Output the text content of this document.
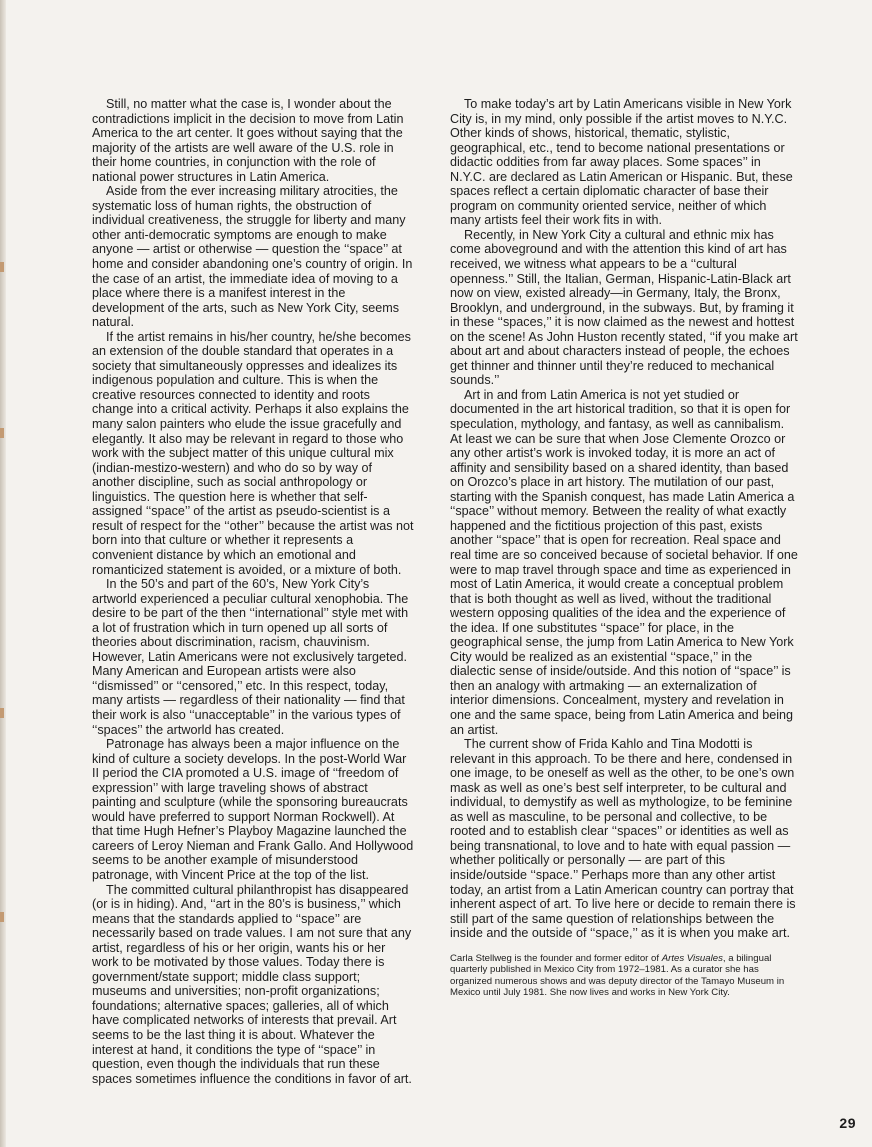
Still, no matter what the case is, I wonder about the contradictions implicit in the decision to move from Latin America to the art center. It goes without saying that the majority of the artists are well aware of the U.S. role in their home countries, in conjunction with the role of national power structures in Latin America.

Aside from the ever increasing military atrocities, the systematic loss of human rights, the obstruction of individual creativeness, the struggle for liberty and many other anti-democratic symptoms are enough to make anyone — artist or otherwise — question the ‘‘space’’ at home and consider abandoning one’s country of origin. In the case of an artist, the immediate idea of moving to a place where there is a manifest interest in the development of the arts, such as New York City, seems natural.

If the artist remains in his/her country, he/she becomes an extension of the double standard that operates in a society that simultaneously oppresses and idealizes its indigenous population and culture. This is when the creative resources connected to identity and roots change into a critical activity. Perhaps it also explains the many salon painters who elude the issue gracefully and elegantly. It also may be relevant in regard to those who work with the subject matter of this unique cultural mix (indian-mestizo-western) and who do so by way of another discipline, such as social anthropology or linguistics. The question here is whether that self-assigned ‘‘space’’ of the artist as pseudo-scientist is a result of respect for the ‘‘other’’ because the artist was not born into that culture or whether it represents a convenient distance by which an emotional and romanticized statement is avoided, or a mixture of both.

In the 50’s and part of the 60’s, New York City’s artworld experienced a peculiar cultural xenophobia. The desire to be part of the then ‘‘international’’ style met with a lot of frustration which in turn opened up all sorts of theories about discrimination, racism, chauvinism. However, Latin Americans were not exclusively targeted. Many American and European artists were also ‘‘dismissed’’ or ‘‘censored,’’ etc. In this respect, today, many artists — regardless of their nationality — find that their work is also ‘‘unacceptable’’ in the various types of ‘‘spaces’’ the artworld has created.

Patronage has always been a major influence on the kind of culture a society develops. In the post-World War II period the CIA promoted a U.S. image of ‘‘freedom of expression’’ with large traveling shows of abstract painting and sculpture (while the sponsoring bureaucrats would have preferred to support Norman Rockwell). At that time Hugh Hefner’s Playboy Magazine launched the careers of Leroy Nieman and Frank Gallo. And Hollywood seems to be another example of misunderstood patronage, with Vincent Price at the top of the list.

The committed cultural philanthropist has disappeared (or is in hiding). And, ‘‘art in the 80’s is business,’’ which means that the standards applied to ‘‘space’’ are necessarily based on trade values. I am not sure that any artist, regardless of his or her origin, wants his or her work to be motivated by those values. Today there is government/state support; middle class support; museums and universities; non-profit organizations; foundations; alternative spaces; galleries, all of which have complicated networks of interests that prevail. Art seems to be the last thing it is about. Whatever the interest at hand, it conditions the type of ‘‘space’’ in question, even though the individuals that run these spaces sometimes influence the conditions in favor of art.

To make today’s art by Latin Americans visible in New York City is, in my mind, only possible if the artist moves to N.Y.C. Other kinds of shows, historical, thematic, stylistic, geographical, etc., tend to become national presentations or didactic oddities from far away places. Some spaces’’ in N.Y.C. are declared as Latin American or Hispanic. But, these spaces reflect a certain diplomatic character of base their program on community oriented service, neither of which many artists feel their work fits in with.

Recently, in New York City a cultural and ethnic mix has come aboveground and with the attention this kind of art has received, we witness what appears to be a ‘‘cultural openness.’’ Still, the Italian, German, Hispanic-Latin-Black art now on view, existed already—in Germany, Italy, the Bronx, Brooklyn, and underground, in the subways. But, by framing it in these ‘‘spaces,’’ it is now claimed as the newest and hottest on the scene! As John Huston recently stated, ‘‘if you make art about art and about characters instead of people, the echoes get thinner and thinner until they’re reduced to mechanical sounds.’’

Art in and from Latin America is not yet studied or documented in the art historical tradition, so that it is open for speculation, mythology, and fantasy, as well as cannibalism. At least we can be sure that when Jose Clemente Orozco or any other artist’s work is invoked today, it is more an act of affinity and sensibility based on a shared identity, than based on Orozco’s place in art history. The mutilation of our past, starting with the Spanish conquest, has made Latin America a ‘‘space’’ without memory. Between the reality of what exactly happened and the fictitious projection of this past, exists another ‘‘space’’ that is open for recreation. Real space and real time are so conceived because of societal behavior. If one were to map travel through space and time as experienced in most of Latin America, it would create a conceptual problem that is both thought as well as lived, without the traditional western opposing qualities of the idea and the experience of the idea. If one substitutes ‘‘space’’ for place, in the geographical sense, the jump from Latin America to New York City would be realized as an existential ‘‘space,’’ in the dialectic sense of inside/outside. And this notion of ‘‘space’’ is then an analogy with artmaking — an externalization of interior dimensions. Concealment, mystery and revelation in one and the same space, being from Latin America and being an artist.

The current show of Frida Kahlo and Tina Modotti is relevant in this approach. To be there and here, condensed in one image, to be oneself as well as the other, to be one’s own mask as well as one’s best self interpreter, to be cultural and individual, to demystify as well as mythologize, to be feminine as well as masculine, to be personal and collective, to be rooted and to establish clear ‘‘spaces’’ or identities as well as being transnational, to love and to hate with equal passion — whether politically or personally — are part of this inside/outside ‘‘space.’’ Perhaps more than any other artist today, an artist from a Latin American country can portray that inherent aspect of art. To live here or decide to remain there is still part of the same question of relationships between the inside and the outside of ‘‘space,’’ as it is when you make art.

Carla Stellweg is the founder and former editor of Artes Visuales, a bilingual quarterly published in Mexico City from 1972–1981. As a curator she has organized numerous shows and was deputy director of the Tamayo Museum in Mexico until July 1981. She now lives and works in New York City.

29
